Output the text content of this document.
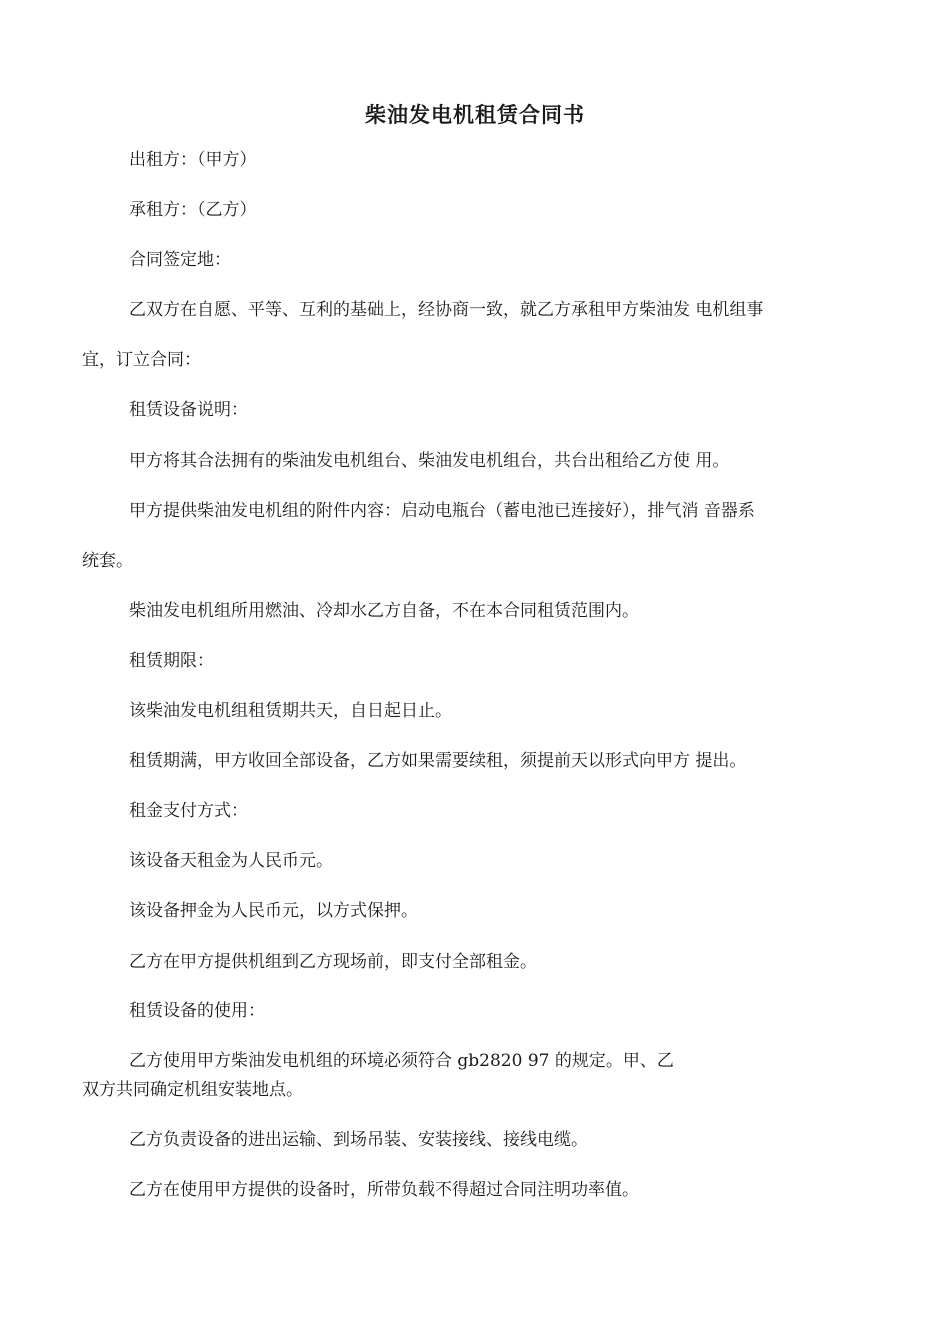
柴油发电机租赁合同书
出租方：（甲方）
承租方：（乙方）
合同签定地：
乙双方在自愿、平等、互利的基础上，经协商一致，就乙方承租甲方柴油发 电机组事
宜，订立合同：
租赁设备说明：
甲方将其合法拥有的柴油发电机组台、柴油发电机组台，共台出租给乙方使 用。
甲方提供柴油发电机组的附件内容：启动电瓶台（蓄电池已连接好），排气消 音器系
统套。
柴油发电机组所用燃油、冷却水乙方自备，不在本合同租赁范围内。
租赁期限：
该柴油发电机组租赁期共天，自日起日止。
租赁期满，甲方收回全部设备，乙方如果需要续租，须提前天以形式向甲方 提出。
租金支付方式：
该设备天租金为人民币元。
该设备押金为人民币元，以方式保押。
乙方在甲方提供机组到乙方现场前，即支付全部租金。
租赁设备的使用：
乙方使用甲方柴油发电机组的环境必须符合 gb2820 97 的规定。甲、乙
双方共同确定机组安装地点。
乙方负责设备的进出运输、到场吊装、安装接线、接线电缆。
乙方在使用甲方提供的设备时，所带负载不得超过合同注明功率值。
